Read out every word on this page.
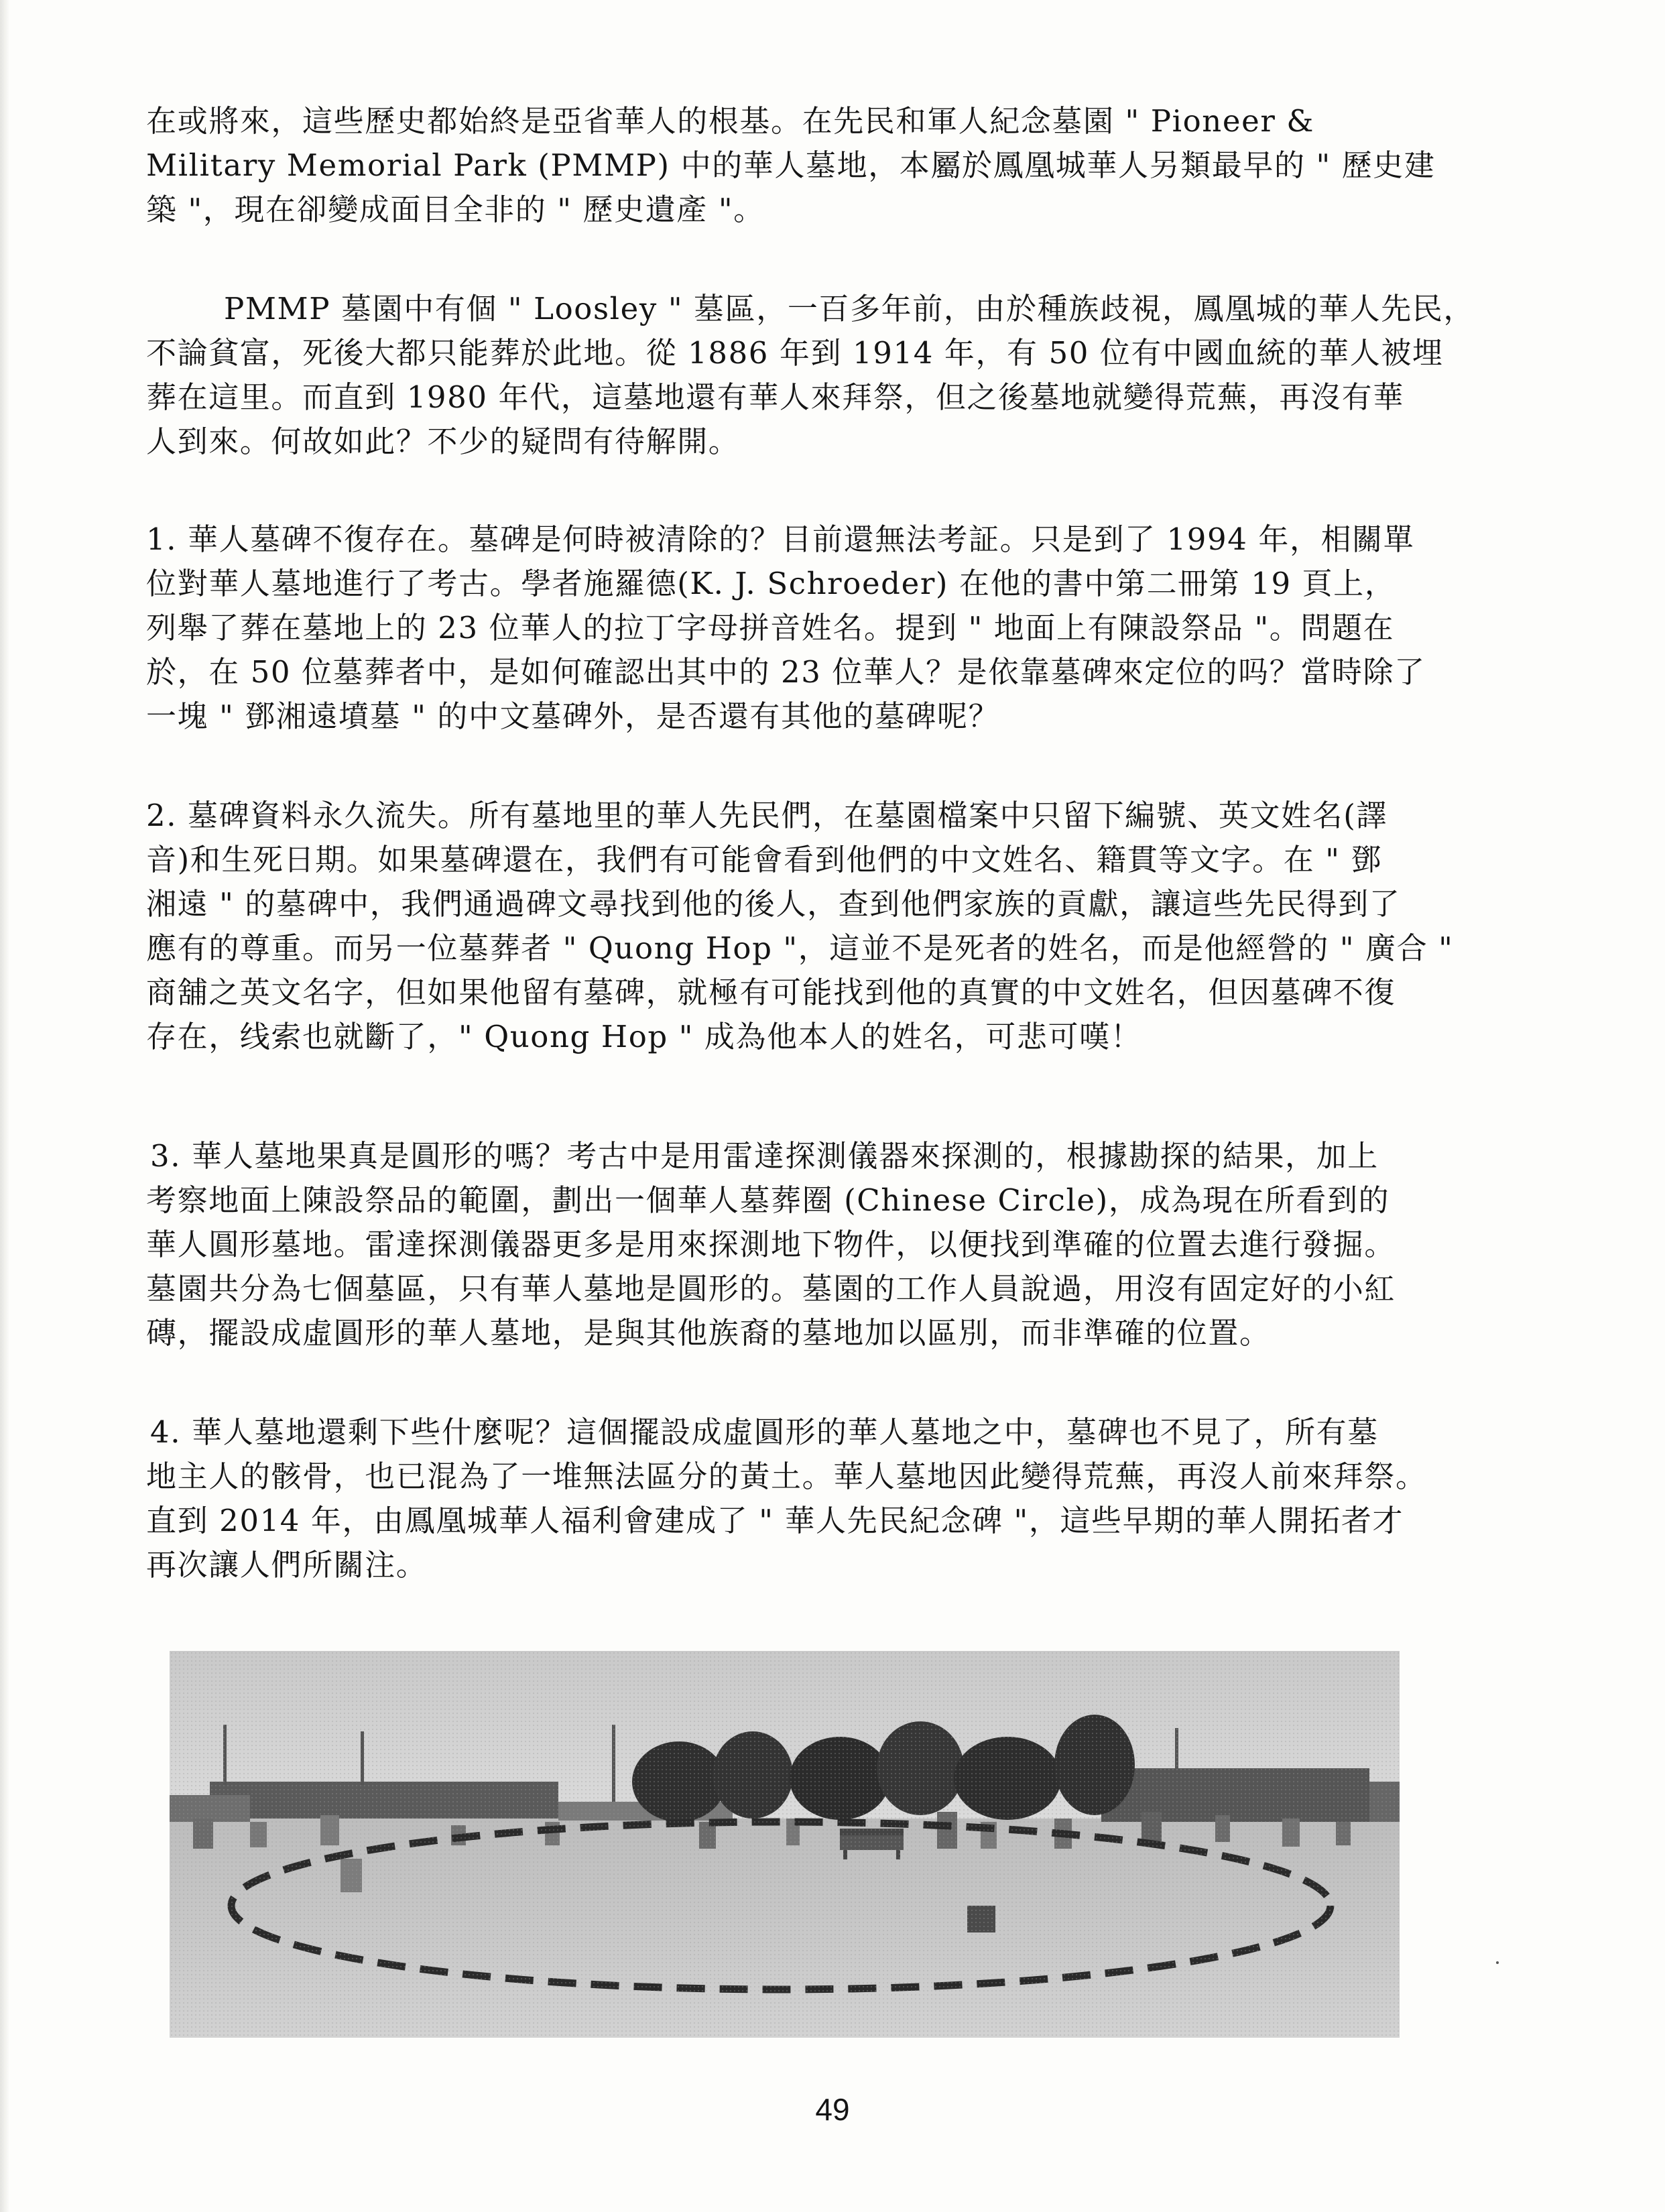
在或將來，這些歷史都始終是亞省華人的根基。在先民和軍人紀念墓園 " Pioneer &
Military Memorial Park (PMMP) 中的華人墓地，本屬於鳳凰城華人另類最早的 " 歷史建
築 "，現在卻變成面目全非的 " 歷史遺產 "。
PMMP 墓園中有個 " Loosley " 墓區，一百多年前，由於種族歧視，鳳凰城的華人先民，
不論貧富，死後大都只能葬於此地。從 1886 年到 1914 年，有 50 位有中國血統的華人被埋
葬在這里。而直到 1980 年代，這墓地還有華人來拜祭，但之後墓地就變得荒蕪，再沒有華
人到來。何故如此？不少的疑問有待解開。
1. 華人墓碑不復存在。墓碑是何時被清除的？目前還無法考証。只是到了 1994 年，相關單
位對華人墓地進行了考古。學者施羅德(K. J. Schroeder) 在他的書中第二冊第 19 頁上，
列舉了葬在墓地上的 23 位華人的拉丁字母拼音姓名。提到 " 地面上有陳設祭品 "。問題在
於，在 50 位墓葬者中，是如何確認出其中的 23 位華人？是依靠墓碑來定位的吗？當時除了
一塊 " 鄧湘遠墳墓 " 的中文墓碑外，是否還有其他的墓碑呢？
2. 墓碑資料永久流失。所有墓地里的華人先民們，在墓園檔案中只留下編號、英文姓名(譯
音)和生死日期。如果墓碑還在，我們有可能會看到他們的中文姓名、籍貫等文字。在 " 鄧
湘遠 " 的墓碑中，我們通過碑文尋找到他的後人，查到他們家族的貢獻，讓這些先民得到了
應有的尊重。而另一位墓葬者 " Quong Hop "，這並不是死者的姓名，而是他經營的 " 廣合 "
商舖之英文名字，但如果他留有墓碑，就極有可能找到他的真實的中文姓名，但因墓碑不復
存在，线索也就斷了，" Quong Hop " 成為他本人的姓名，可悲可嘆！
3. 華人墓地果真是圓形的嗎？考古中是用雷達探測儀器來探測的，根據勘探的結果，加上
考察地面上陳設祭品的範圍，劃出一個華人墓葬圈 (Chinese Circle)，成為現在所看到的
華人圓形墓地。雷達探測儀器更多是用來探測地下物件，以便找到準確的位置去進行發掘。
墓園共分為七個墓區，只有華人墓地是圓形的。墓園的工作人員說過，用沒有固定好的小紅
磚，擺設成虛圓形的華人墓地，是與其他族裔的墓地加以區別，而非準確的位置。
4. 華人墓地還剩下些什麼呢？這個擺設成虛圓形的華人墓地之中，墓碑也不見了，所有墓
地主人的骸骨，也已混為了一堆無法區分的黃土。華人墓地因此變得荒蕪，再沒人前來拜祭。
直到 2014 年，由鳳凰城華人福利會建成了 " 華人先民紀念碑 "，這些早期的華人開拓者才
再次讓人們所關注。
49
